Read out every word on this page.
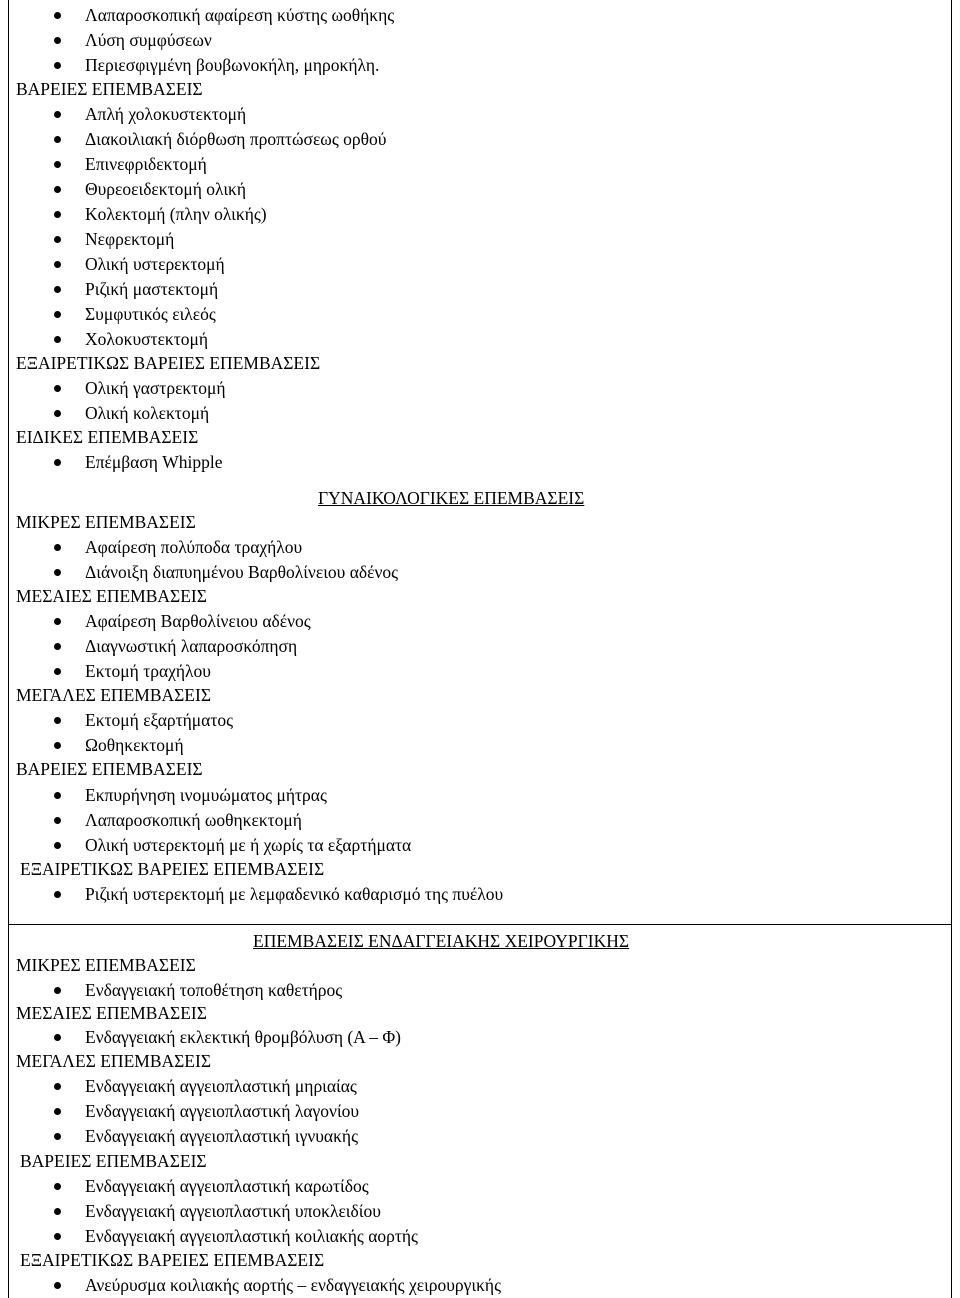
Λαπαροσκοπική αφαίρεση κύστης ωοθήκης
Λύση συμφύσεων
Περιεσφιγμένη βουβωνοκήλη, μηροκήλη.
ΒΑΡΕΙΕΣ ΕΠΕΜΒΑΣΕΙΣ
Απλή χολοκυστεκτομή
Διακοιλιακή διόρθωση προπτώσεως ορθού
Επινεφριδεκτομή
Θυρεοειδεκτομή ολική
Κολεκτομή (πλην ολικής)
Νεφρεκτομή
Ολική υστερεκτομή
Ριζική μαστεκτομή
Συμφυτικός ειλεός
Χολοκυστεκτομή
ΕΞΑΙΡΕΤΙΚΩΣ ΒΑΡΕΙΕΣ ΕΠΕΜΒΑΣΕΙΣ
Ολική γαστρεκτομή
Ολική κολεκτομή
ΕΙΔΙΚΕΣ ΕΠΕΜΒΑΣΕΙΣ
Επέμβαση Whipple
ΓΥΝΑΙΚΟΛΟΓΙΚΕΣ ΕΠΕΜΒΑΣΕΙΣ
ΜΙΚΡΕΣ ΕΠΕΜΒΑΣΕΙΣ
Αφαίρεση πολύποδα τραχήλου
Διάνοιξη διαπυημένου Βαρθολίνειου αδένος
ΜΕΣΑΙΕΣ ΕΠΕΜΒΑΣΕΙΣ
Αφαίρεση Βαρθολίνειου αδένος
Διαγνωστική λαπαροσκόπηση
Εκτομή τραχήλου
ΜΕΓΑΛΕΣ ΕΠΕΜΒΑΣΕΙΣ
Εκτομή εξαρτήματος
Ωοθηκεκτομή
ΒΑΡΕΙΕΣ ΕΠΕΜΒΑΣΕΙΣ
Εκπυρήνηση ινομυώματος μήτρας
Λαπαροσκοπική ωοθηκεκτομή
Ολική υστερεκτομή με ή χωρίς τα εξαρτήματα
ΕΞΑΙΡΕΤΙΚΩΣ ΒΑΡΕΙΕΣ ΕΠΕΜΒΑΣΕΙΣ
Ριζική υστερεκτομή με λεμφαδενικό καθαρισμό της πυέλου
ΕΠΕΜΒΑΣΕΙΣ ΕΝΔΑΓΓΕΙΑΚΗΣ ΧΕΙΡΟΥΡΓΙΚΗΣ
ΜΙΚΡΕΣ ΕΠΕΜΒΑΣΕΙΣ
Ενδαγγειακή τοποθέτηση καθετήρος
ΜΕΣΑΙΕΣ ΕΠΕΜΒΑΣΕΙΣ
Ενδαγγειακή εκλεκτική θρομβόλυση (Α – Φ)
ΜΕΓΑΛΕΣ ΕΠΕΜΒΑΣΕΙΣ
Ενδαγγειακή αγγειοπλαστική μηριαίας
Ενδαγγειακή αγγειοπλαστική λαγονίου
Ενδαγγειακή αγγειοπλαστική ιγνυακής
ΒΑΡΕΙΕΣ ΕΠΕΜΒΑΣΕΙΣ
Ενδαγγειακή αγγειοπλαστική καρωτίδος
Ενδαγγειακή αγγειοπλαστική υποκλειδίου
Ενδαγγειακή αγγειοπλαστική κοιλιακής αορτής
ΕΞΑΙΡΕΤΙΚΩΣ ΒΑΡΕΙΕΣ ΕΠΕΜΒΑΣΕΙΣ
Ανεύρυσμα κοιλιακής αορτής – ενδαγγειακής χειρουργικής
